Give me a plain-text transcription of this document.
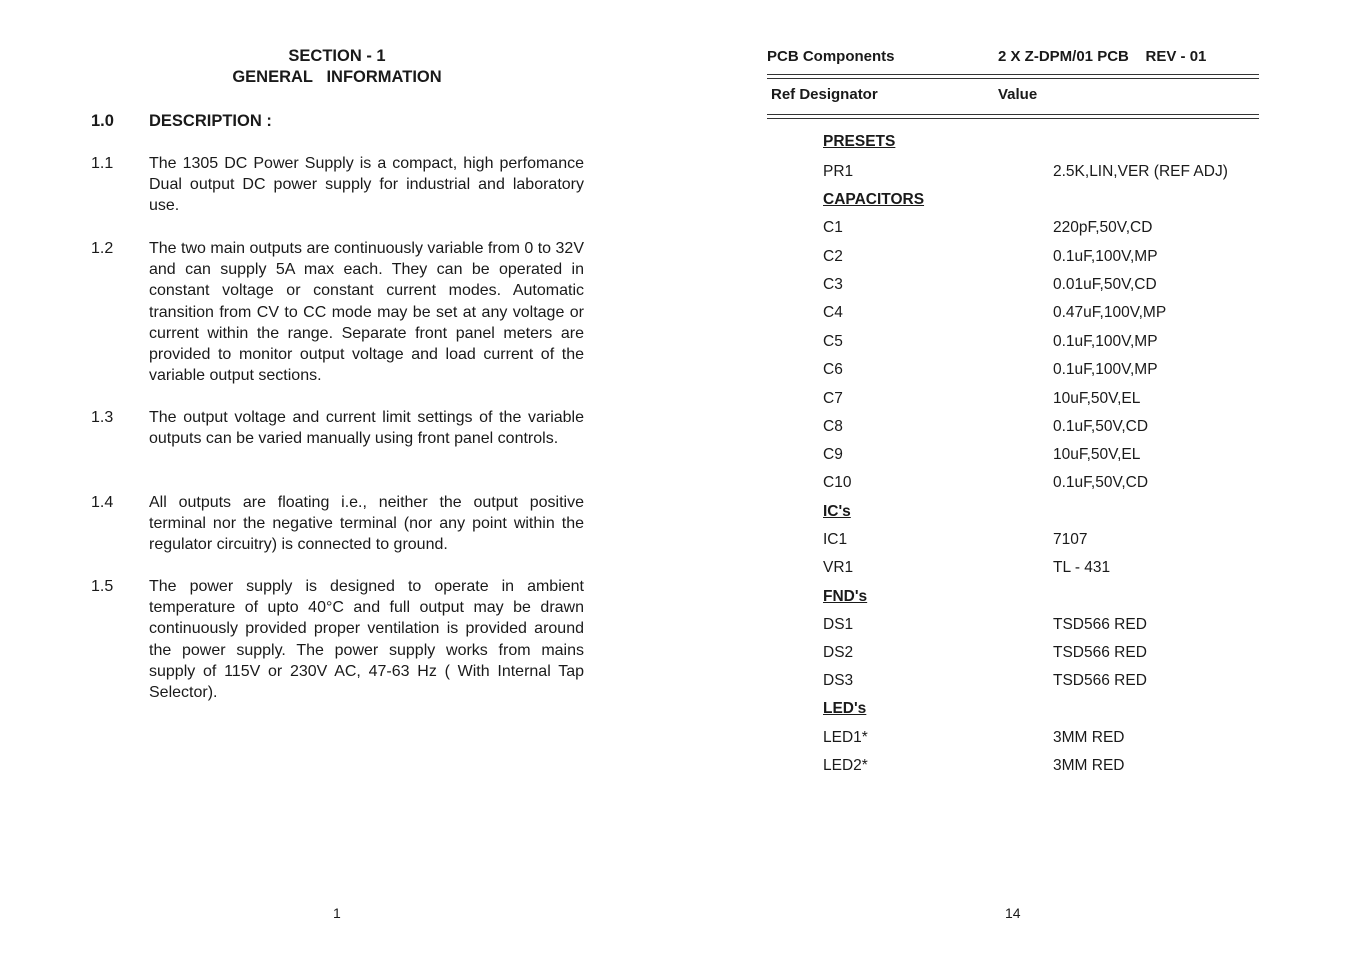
SECTION - 1
GENERAL   INFORMATION
1.0 DESCRIPTION :
1.1 The 1305 DC Power Supply is a compact, high perfomance Dual output DC power supply for industrial and laboratory use.

1.2 The two main outputs are continuously variable from 0 to 32V and can supply 5A max each. They can be operated in constant voltage or constant current modes. Automatic transition from CV to CC mode may be set at any voltage or current within the range. Separate front panel meters are provided to monitor output voltage and load current of the variable output sections.

1.3 The output voltage and current limit settings of the variable outputs can be varied manually using front panel controls.

1.4 All outputs are floating i.e., neither the output positive terminal nor the negative terminal (nor any point within the regulator circuitry) is connected to ground.

1.5 The power supply is designed to operate in ambient temperature of upto 40°C and full output may be drawn continuously provided proper ventilation is provided around the power supply. The power supply works from mains supply of 115V or 230V AC, 47-63 Hz ( With Internal Tap Selector).

1
PCB Components	2 X Z-DPM/01 PCB    REV - 01
Ref Designator	Value
PRESETS
PR1	2.5K,LIN,VER (REF ADJ)
CAPACITORS
C1	220pF,50V,CD
C2	0.1uF,100V,MP
C3	0.01uF,50V,CD
C4	0.47uF,100V,MP
C5	0.1uF,100V,MP
C6	0.1uF,100V,MP
C7	10uF,50V,EL
C8	0.1uF,50V,CD
C9	10uF,50V,EL
C10	0.1uF,50V,CD
IC's
IC1	7107
VR1	TL - 431
FND's
DS1	TSD566 RED
DS2	TSD566 RED
DS3	TSD566 RED
LED's
LED1*	3MM RED
LED2*	3MM RED
14
